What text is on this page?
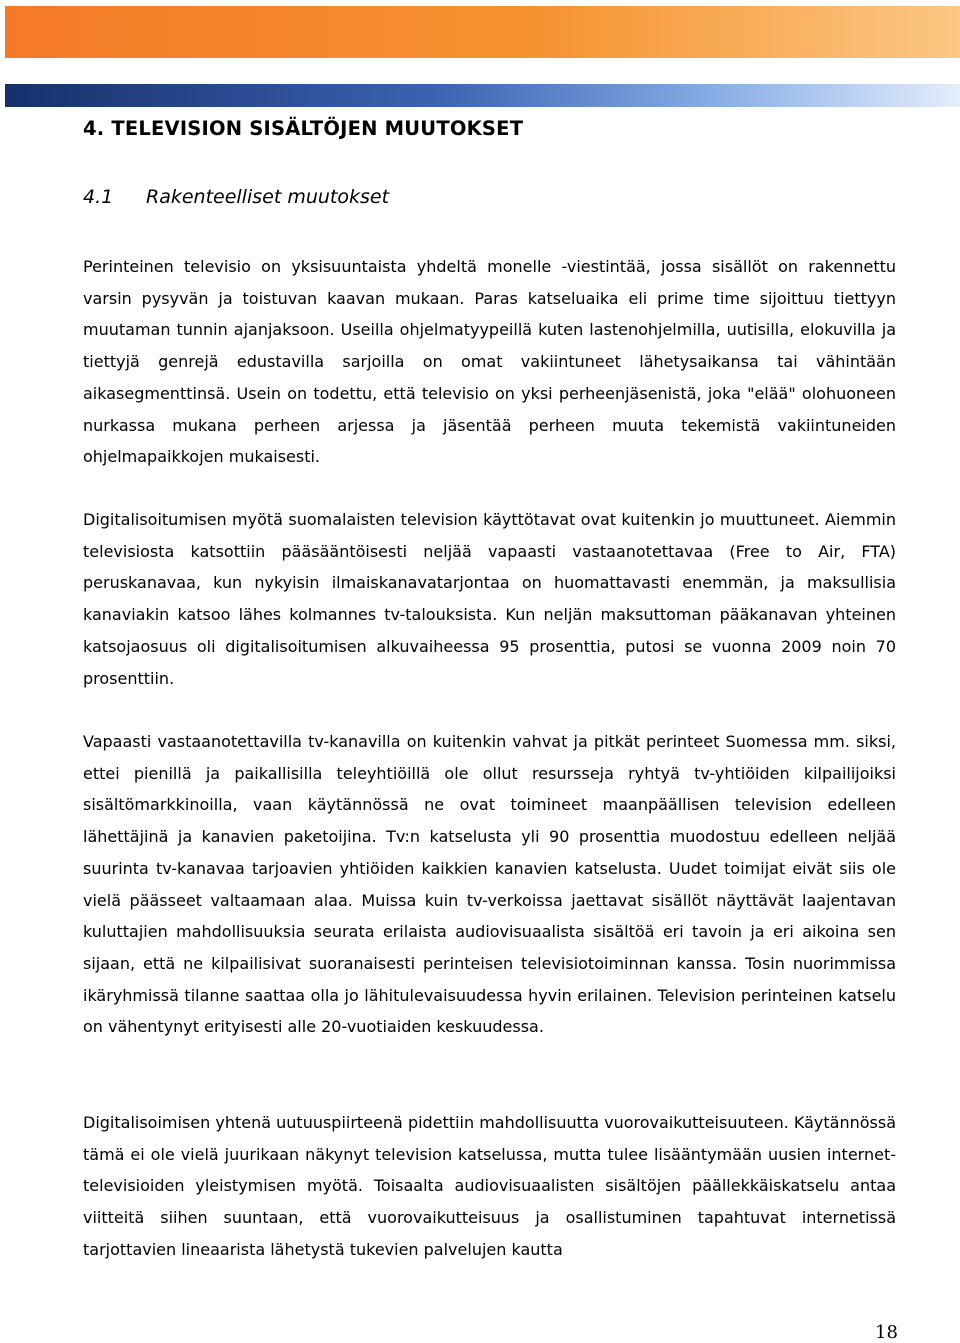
4. TELEVISION SISÄLTÖJEN MUUTOKSET
4.1 Rakenteelliset muutokset

Perinteinen televisio on yksisuuntaista yhdeltä monelle -viestintää, jossa sisällöt on rakennettu varsin pysyvän ja toistuvan kaavan mukaan. Paras katseluaika eli prime time sijoittuu tiettyyn muutaman tunnin ajanjaksoon. Useilla ohjelmatyypeillä kuten lastenohjelmilla, uutisilla, elokuvilla ja tiettyjä genrejä edustavilla sarjoilla on omat vakiintuneet lähetysaikansa tai vähintään aikasegmenttinsä. Usein on todettu, että televisio on yksi perheenjäsenistä, joka "elää" olohuoneen nurkassa mukana perheen arjessa ja jäsentää perheen muuta tekemistä vakiintuneiden ohjelmapaikkojen mukaisesti.

Digitalisoitumisen myötä suomalaisten television käyttötavat ovat kuitenkin jo muuttuneet. Aiemmin televisiosta katsottiin pääsääntöisesti neljää vapaasti vastaanotettavaa (Free to Air, FTA) peruskanavaa, kun nykyisin ilmaiskanavatarjontaa on huomattavasti enemmän, ja maksullisia kanaviakin katsoo lähes kolmannes tv-talouksista. Kun neljän maksuttoman pääkanavan yhteinen katsojaosuus oli digitalisoitumisen alkuvaiheessa 95 prosenttia, putosi se vuonna 2009 noin 70 prosenttiin.

Vapaasti vastaanotettavilla tv-kanavilla on kuitenkin vahvat ja pitkät perinteet Suomessa mm. siksi, ettei pienillä ja paikallisilla teleyhtiöillä ole ollut resursseja ryhtyä tv-yhtiöiden kilpailijoiksi sisältömarkkinoilla, vaan käytännössä ne ovat toimineet maanpäällisen television edelleen lähettäjinä ja kanavien paketoijina. Tv:n katselusta yli 90 prosenttia muodostuu edelleen neljää suurinta tv-kanavaa tarjoavien yhtiöiden kaikkien kanavien katselusta. Uudet toimijat eivät siis ole vielä päässeet valtaamaan alaa. Muissa kuin tv-verkoissa jaettavat sisällöt näyttävät laajentavan kuluttajien mahdollisuuksia seurata erilaista audiovisuaalista sisältöä eri tavoin ja eri aikoina sen sijaan, että ne kilpailisivat suoranaisesti perinteisen televisiotoiminnan kanssa. Tosin nuorimmissa ikäryhmissä tilanne saattaa olla jo lähitulevaisuudessa hyvin erilainen. Television perinteinen katselu on vähentynyt erityisesti alle 20-vuotiaiden keskuudessa.

Digitalisoimisen yhtenä uutuuspiirteenä pidettiin mahdollisuutta vuorovaikutteisuuteen. Käytännössä tämä ei ole vielä juurikaan näkynyt television katselussa, mutta tulee lisääntymään uusien internet-televisioiden yleistymisen myötä. Toisaalta audiovisuaalisten sisältöjen päällekkäiskatselu antaa viitteitä siihen suuntaan, että vuorovaikutteisuus ja osallistuminen tapahtuvat internetissä tarjottavien lineaarista lähetystä tukevien palvelujen kautta

18
